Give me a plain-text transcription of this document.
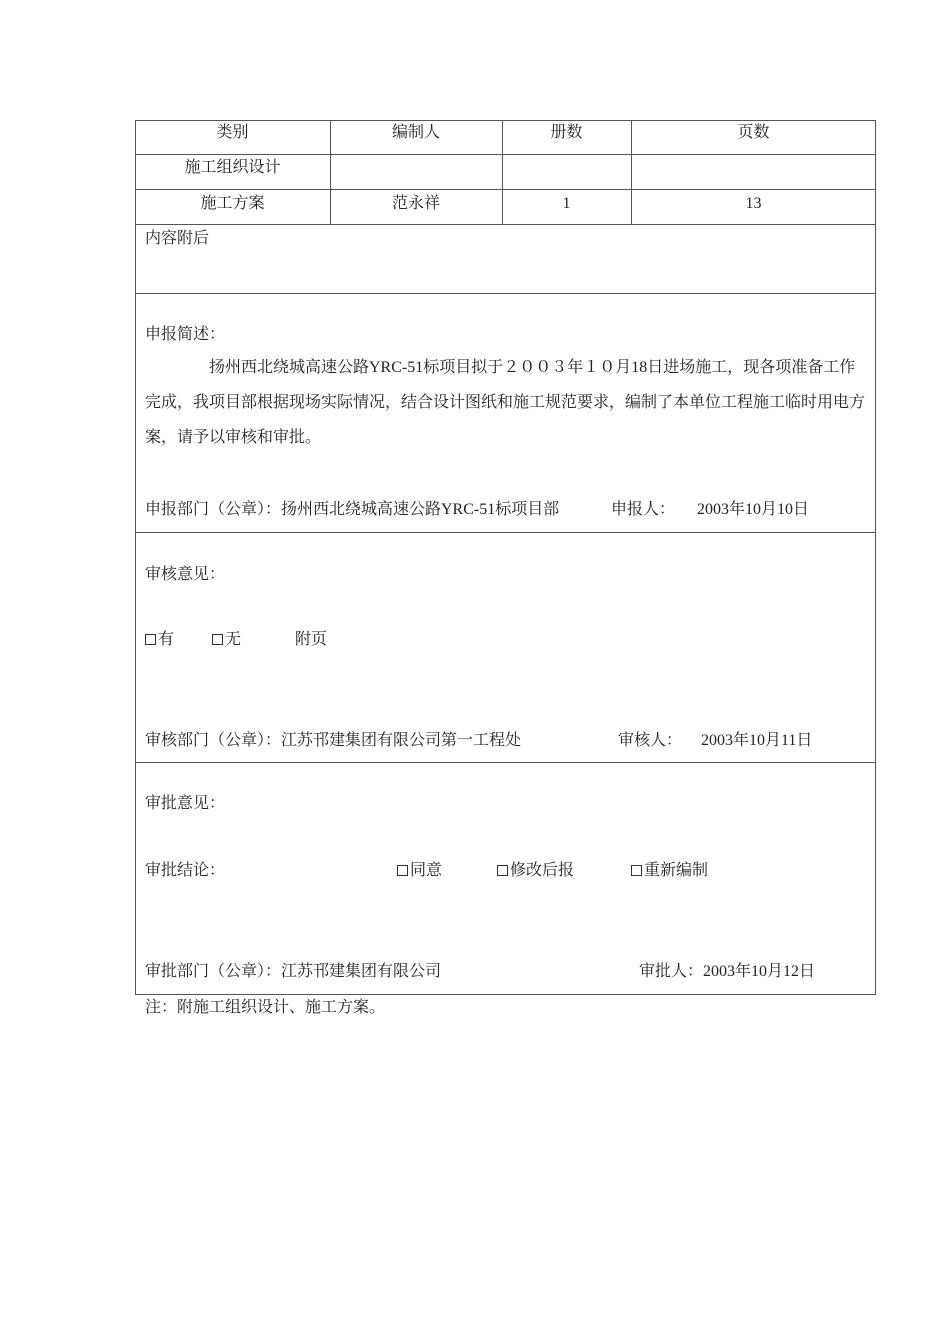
类别	编制人	册数	页数
施工组织设计
施工方案	范永祥	1	13
内容附后
申报简述：
扬州西北绕城高速公路YRC-51标项目拟于２００３年１０月18日进场施工，现各项准备工作完成，我项目部根据现场实际情况，结合设计图纸和施工规范要求，编制了本单位工程施工临时用电方案，请予以审核和审批。
申报部门（公章）：扬州西北绕城高速公路YRC-51标项目部	申报人： 2003年10月10日
审核意见：
有	无	附页
审核部门（公章）：江苏邗建集团有限公司第一工程处	审核人： 2003年10月11日
审批意见：
审批结论：	同意	修改后报	重新编制
审批部门（公章）：江苏邗建集团有限公司	审批人：2003年10月12日
注：附施工组织设计、施工方案。
